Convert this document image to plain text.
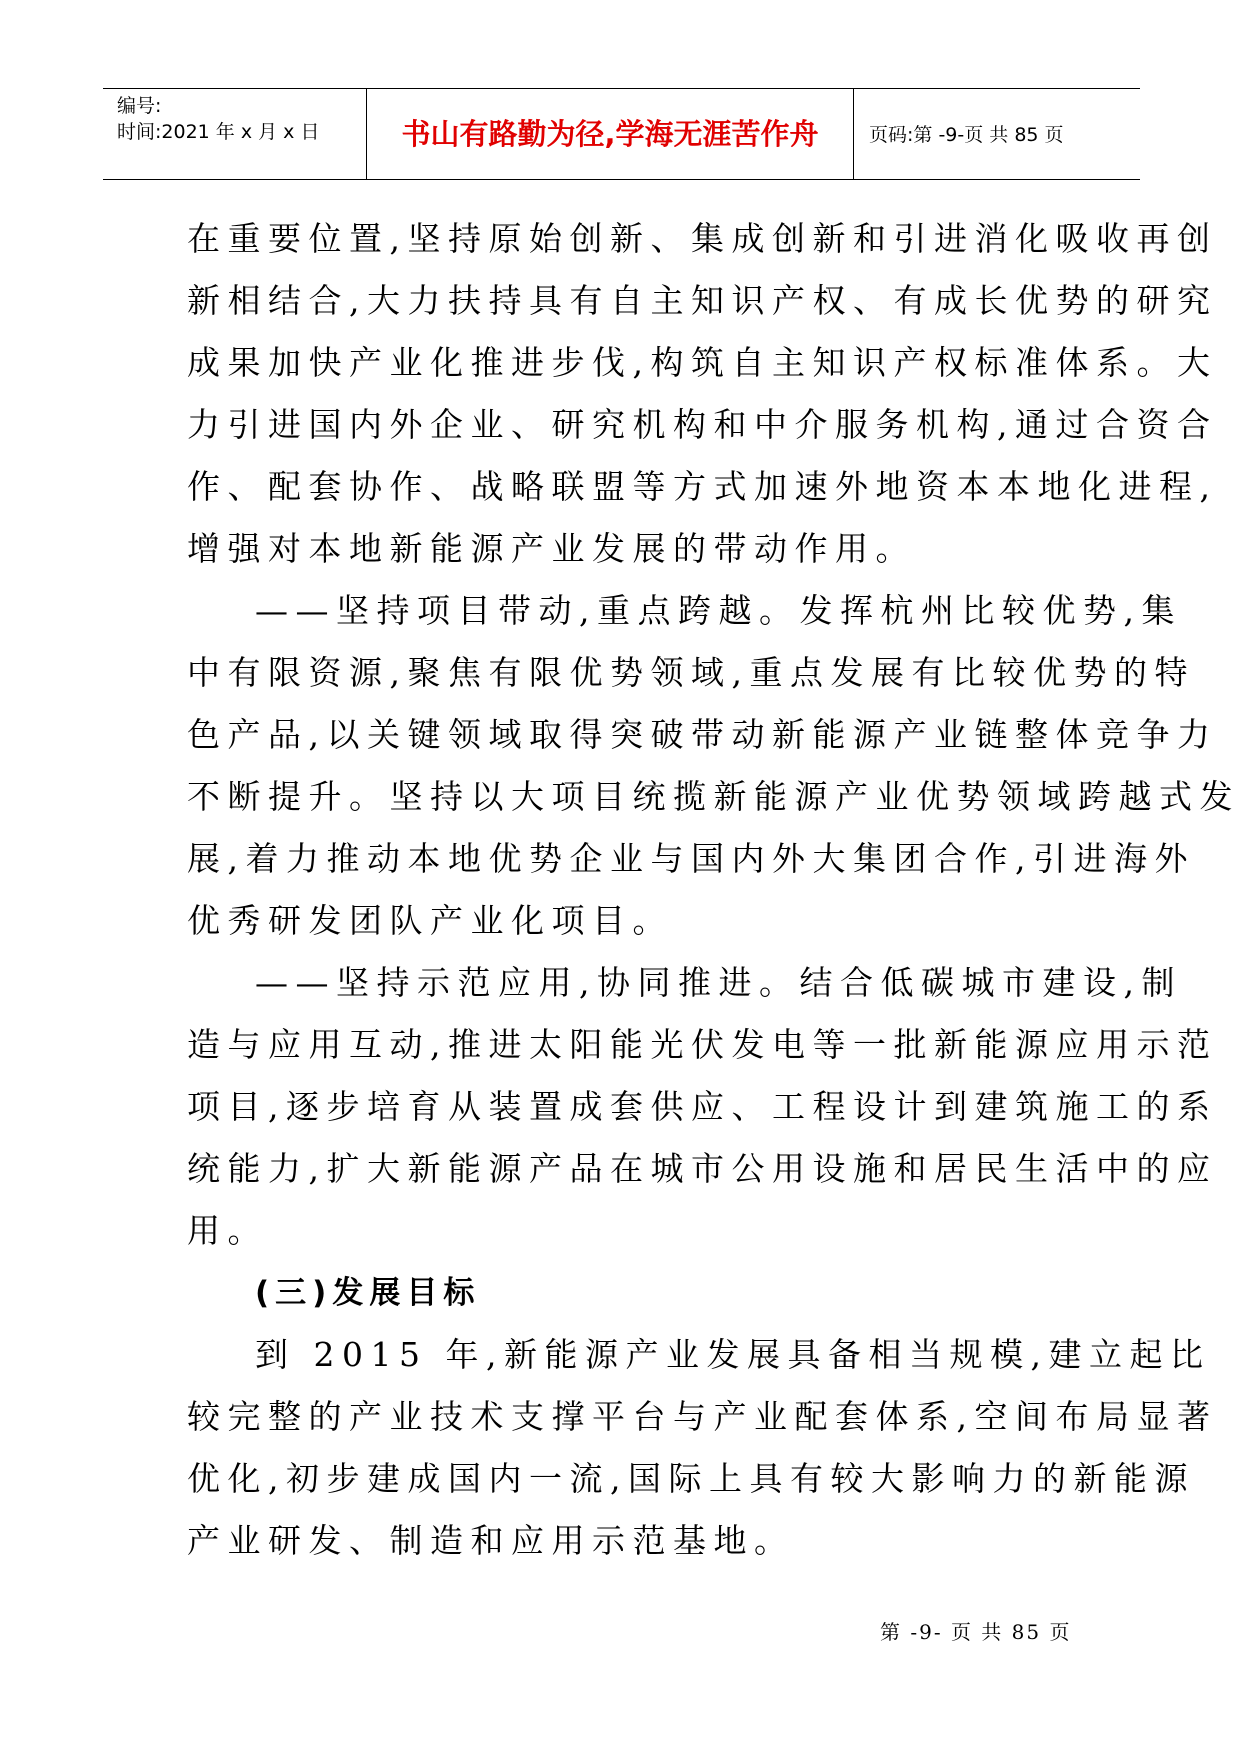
编号:
时间:2021 年 x 月 x 日	书山有路勤为径,学海无涯苦作舟	页码:第 -9-页 共 85 页
在重要位置,坚持原始创新、集成创新和引进消化吸收再创
新相结合,大力扶持具有自主知识产权、有成长优势的研究
成果加快产业化推进步伐,构筑自主知识产权标准体系。大
力引进国内外企业、研究机构和中介服务机构,通过合资合
作、配套协作、战略联盟等方式加速外地资本本地化进程,
增强对本地新能源产业发展的带动作用。
——坚持项目带动,重点跨越。发挥杭州比较优势,集
中有限资源,聚焦有限优势领域,重点发展有比较优势的特
色产品,以关键领域取得突破带动新能源产业链整体竞争力
不断提升。坚持以大项目统揽新能源产业优势领域跨越式发
展,着力推动本地优势企业与国内外大集团合作,引进海外
优秀研发团队产业化项目。
——坚持示范应用,协同推进。结合低碳城市建设,制
造与应用互动,推进太阳能光伏发电等一批新能源应用示范
项目,逐步培育从装置成套供应、工程设计到建筑施工的系
统能力,扩大新能源产品在城市公用设施和居民生活中的应
用。
(三)发展目标
到 2015 年,新能源产业发展具备相当规模,建立起比
较完整的产业技术支撑平台与产业配套体系,空间布局显著
优化,初步建成国内一流,国际上具有较大影响力的新能源
产业研发、制造和应用示范基地。
第 -9- 页 共 85 页
